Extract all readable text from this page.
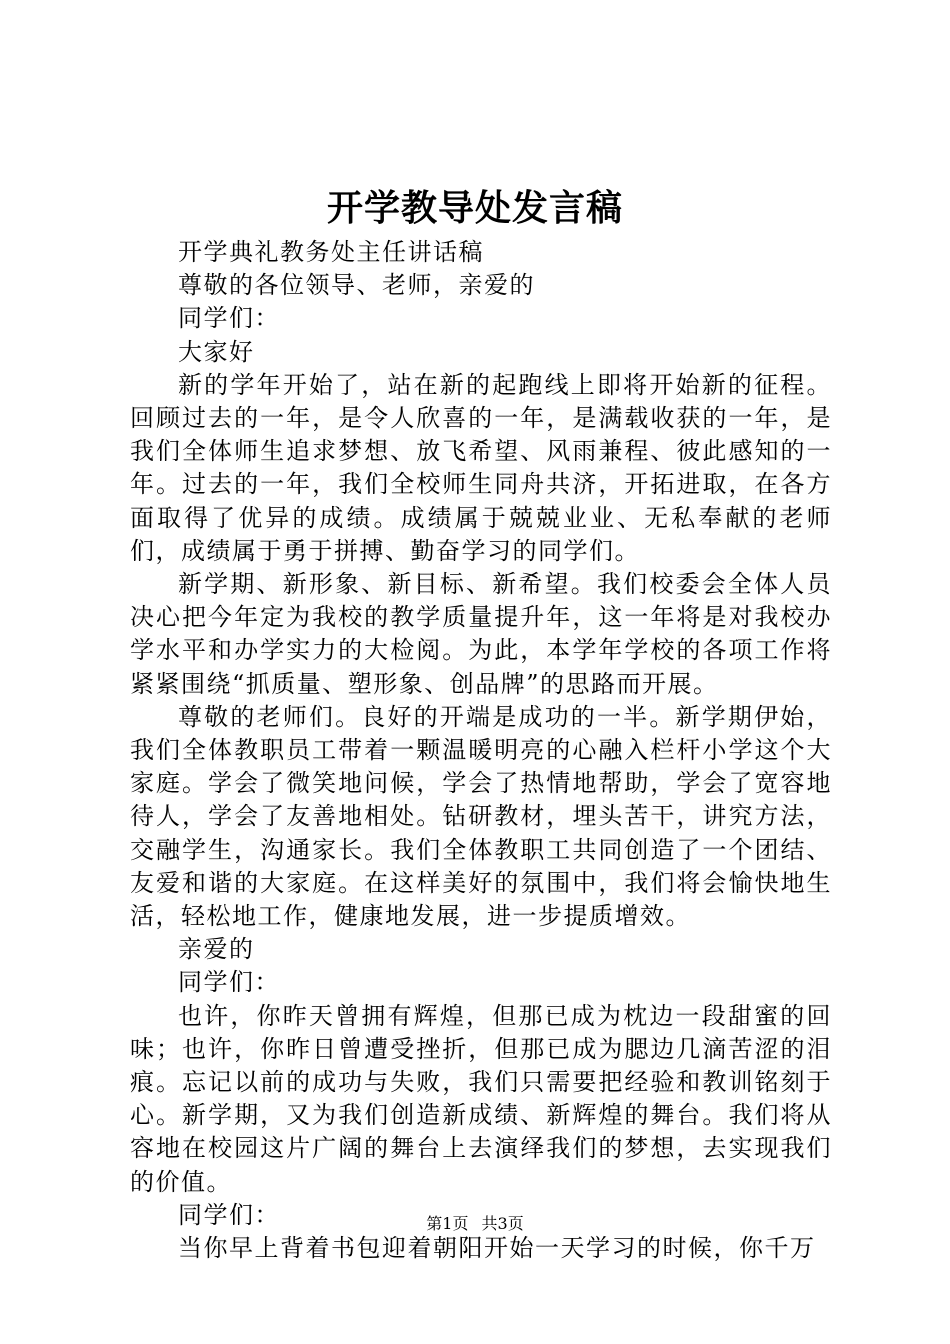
开学教导处发言稿

开学典礼教务处主任讲话稿

尊敬的各位领导、老师，亲爱的

同学们：

大家好

新的学年开始了，站在新的起跑线上即将开始新的征程。回顾过去的一年，是令人欣喜的一年，是满载收获的一年，是我们全体师生追求梦想、放飞希望、风雨兼程、彼此感知的一年。过去的一年，我们全校师生同舟共济，开拓进取，在各方面取得了优异的成绩。成绩属于兢兢业业、无私奉献的老师们，成绩属于勇于拼搏、勤奋学习的同学们。

新学期、新形象、新目标、新希望。我们校委会全体人员决心把今年定为我校的教学质量提升年，这一年将是对我校办学水平和办学实力的大检阅。为此，本学年学校的各项工作将紧紧围绕“抓质量、塑形象、创品牌”的思路而开展。

尊敬的老师们。良好的开端是成功的一半。新学期伊始，我们全体教职员工带着一颗温暖明亮的心融入栏杆小学这个大家庭。学会了微笑地问候，学会了热情地帮助，学会了宽容地待人，学会了友善地相处。钻研教材，埋头苦干，讲究方法，交融学生，沟通家长。我们全体教职工共同创造了一个团结、友爱和谐的大家庭。在这样美好的氛围中，我们将会愉快地生活，轻松地工作，健康地发展，进一步提质增效。

亲爱的

同学们：

也许，你昨天曾拥有辉煌，但那已成为枕边一段甜蜜的回味；也许，你昨日曾遭受挫折，但那已成为腮边几滴苦涩的泪痕。忘记以前的成功与失败，我们只需要把经验和教训铭刻于心。新学期，又为我们创造新成绩、新辉煌的舞台。我们将从容地在校园这片广阔的舞台上去演绎我们的梦想，去实现我们的价值。

同学们：

当你早上背着书包迎着朝阳开始一天学习的时候，你千万

第1页 共3页
